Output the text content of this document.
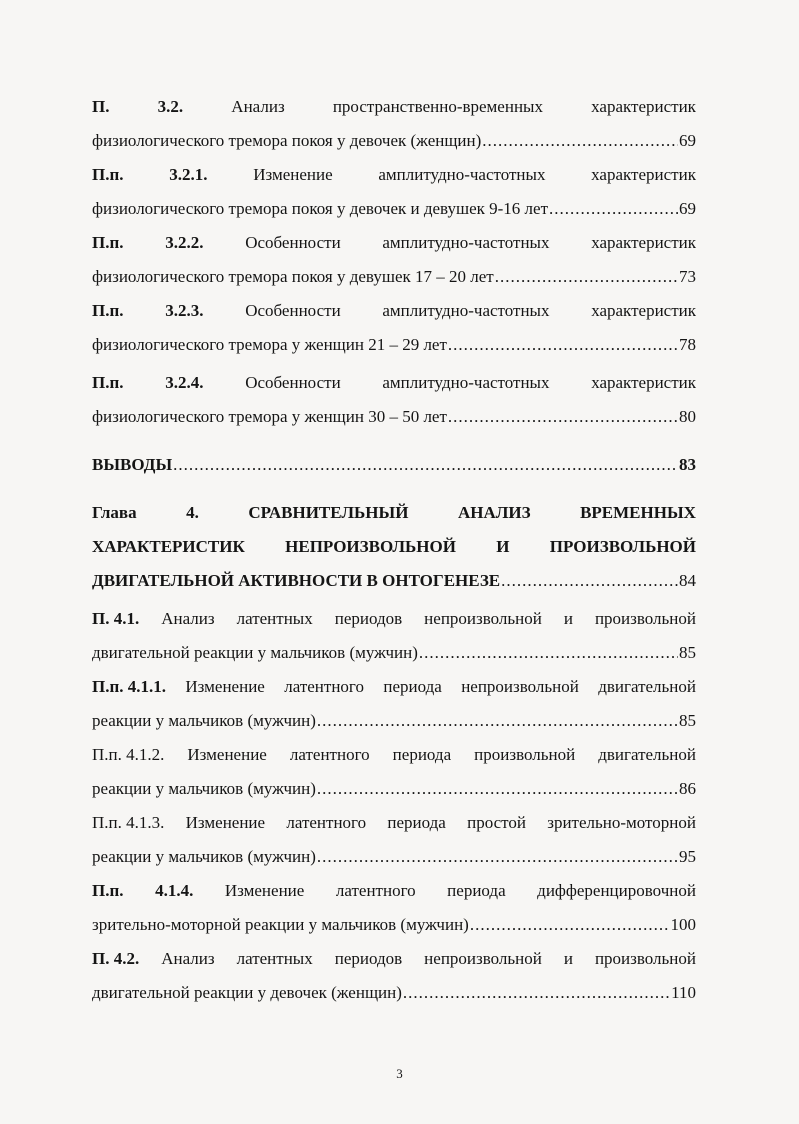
П.	3.2.	Анализ	пространственно-временных	характеристик
физиологического тремора покоя у девочек (женщин) .....	69
П.п.	3.2.1.	Изменение	амплитудно-частотных	характеристик
физиологического тремора покоя у девочек и девушек 9-16 лет .....	69
П.п. 3.2.2. Особенности амплитудно-частотных характеристик
физиологического тремора покоя у девушек 17 – 20 лет .....	73
П.п. 3.2.3. Особенности амплитудно-частотных характеристик
физиологического тремора у женщин 21 – 29 лет .....	78
П.п. 3.2.4. Особенности амплитудно-частотных характеристик
физиологического тремора у женщин 30 – 50 лет .....	80
ВЫВОДЫ .....	83
Глава	4.	СРАВНИТЕЛЬНЫЙ	АНАЛИЗ	ВРЕМЕННЫХ
ХАРАКТЕРИСТИК НЕПРОИЗВОЛЬНОЙ И ПРОИЗВОЛЬНОЙ
ДВИГАТЕЛЬНОЙ АКТИВНОСТИ В ОНТОГЕНЕЗЕ .....	84
П. 4.1. Анализ латентных периодов непроизвольной и произвольной
двигательной реакции у мальчиков (мужчин) .....	85
П.п. 4.1.1. Изменение латентного периода непроизвольной двигательной
реакции у мальчиков (мужчин) .....	85
П.п. 4.1.2. Изменение латентного периода произвольной двигательной
реакции у мальчиков (мужчин) .....	86
П.п. 4.1.3. Изменение латентного периода простой зрительно-моторной
реакции у мальчиков (мужчин) .....	95
П.п. 4.1.4. Изменение латентного периода дифференцировочной
зрительно-моторной реакции у мальчиков (мужчин) .....	100
П. 4.2. Анализ латентных периодов непроизвольной и произвольной
двигательной реакции у девочек (женщин) .....	110
3
